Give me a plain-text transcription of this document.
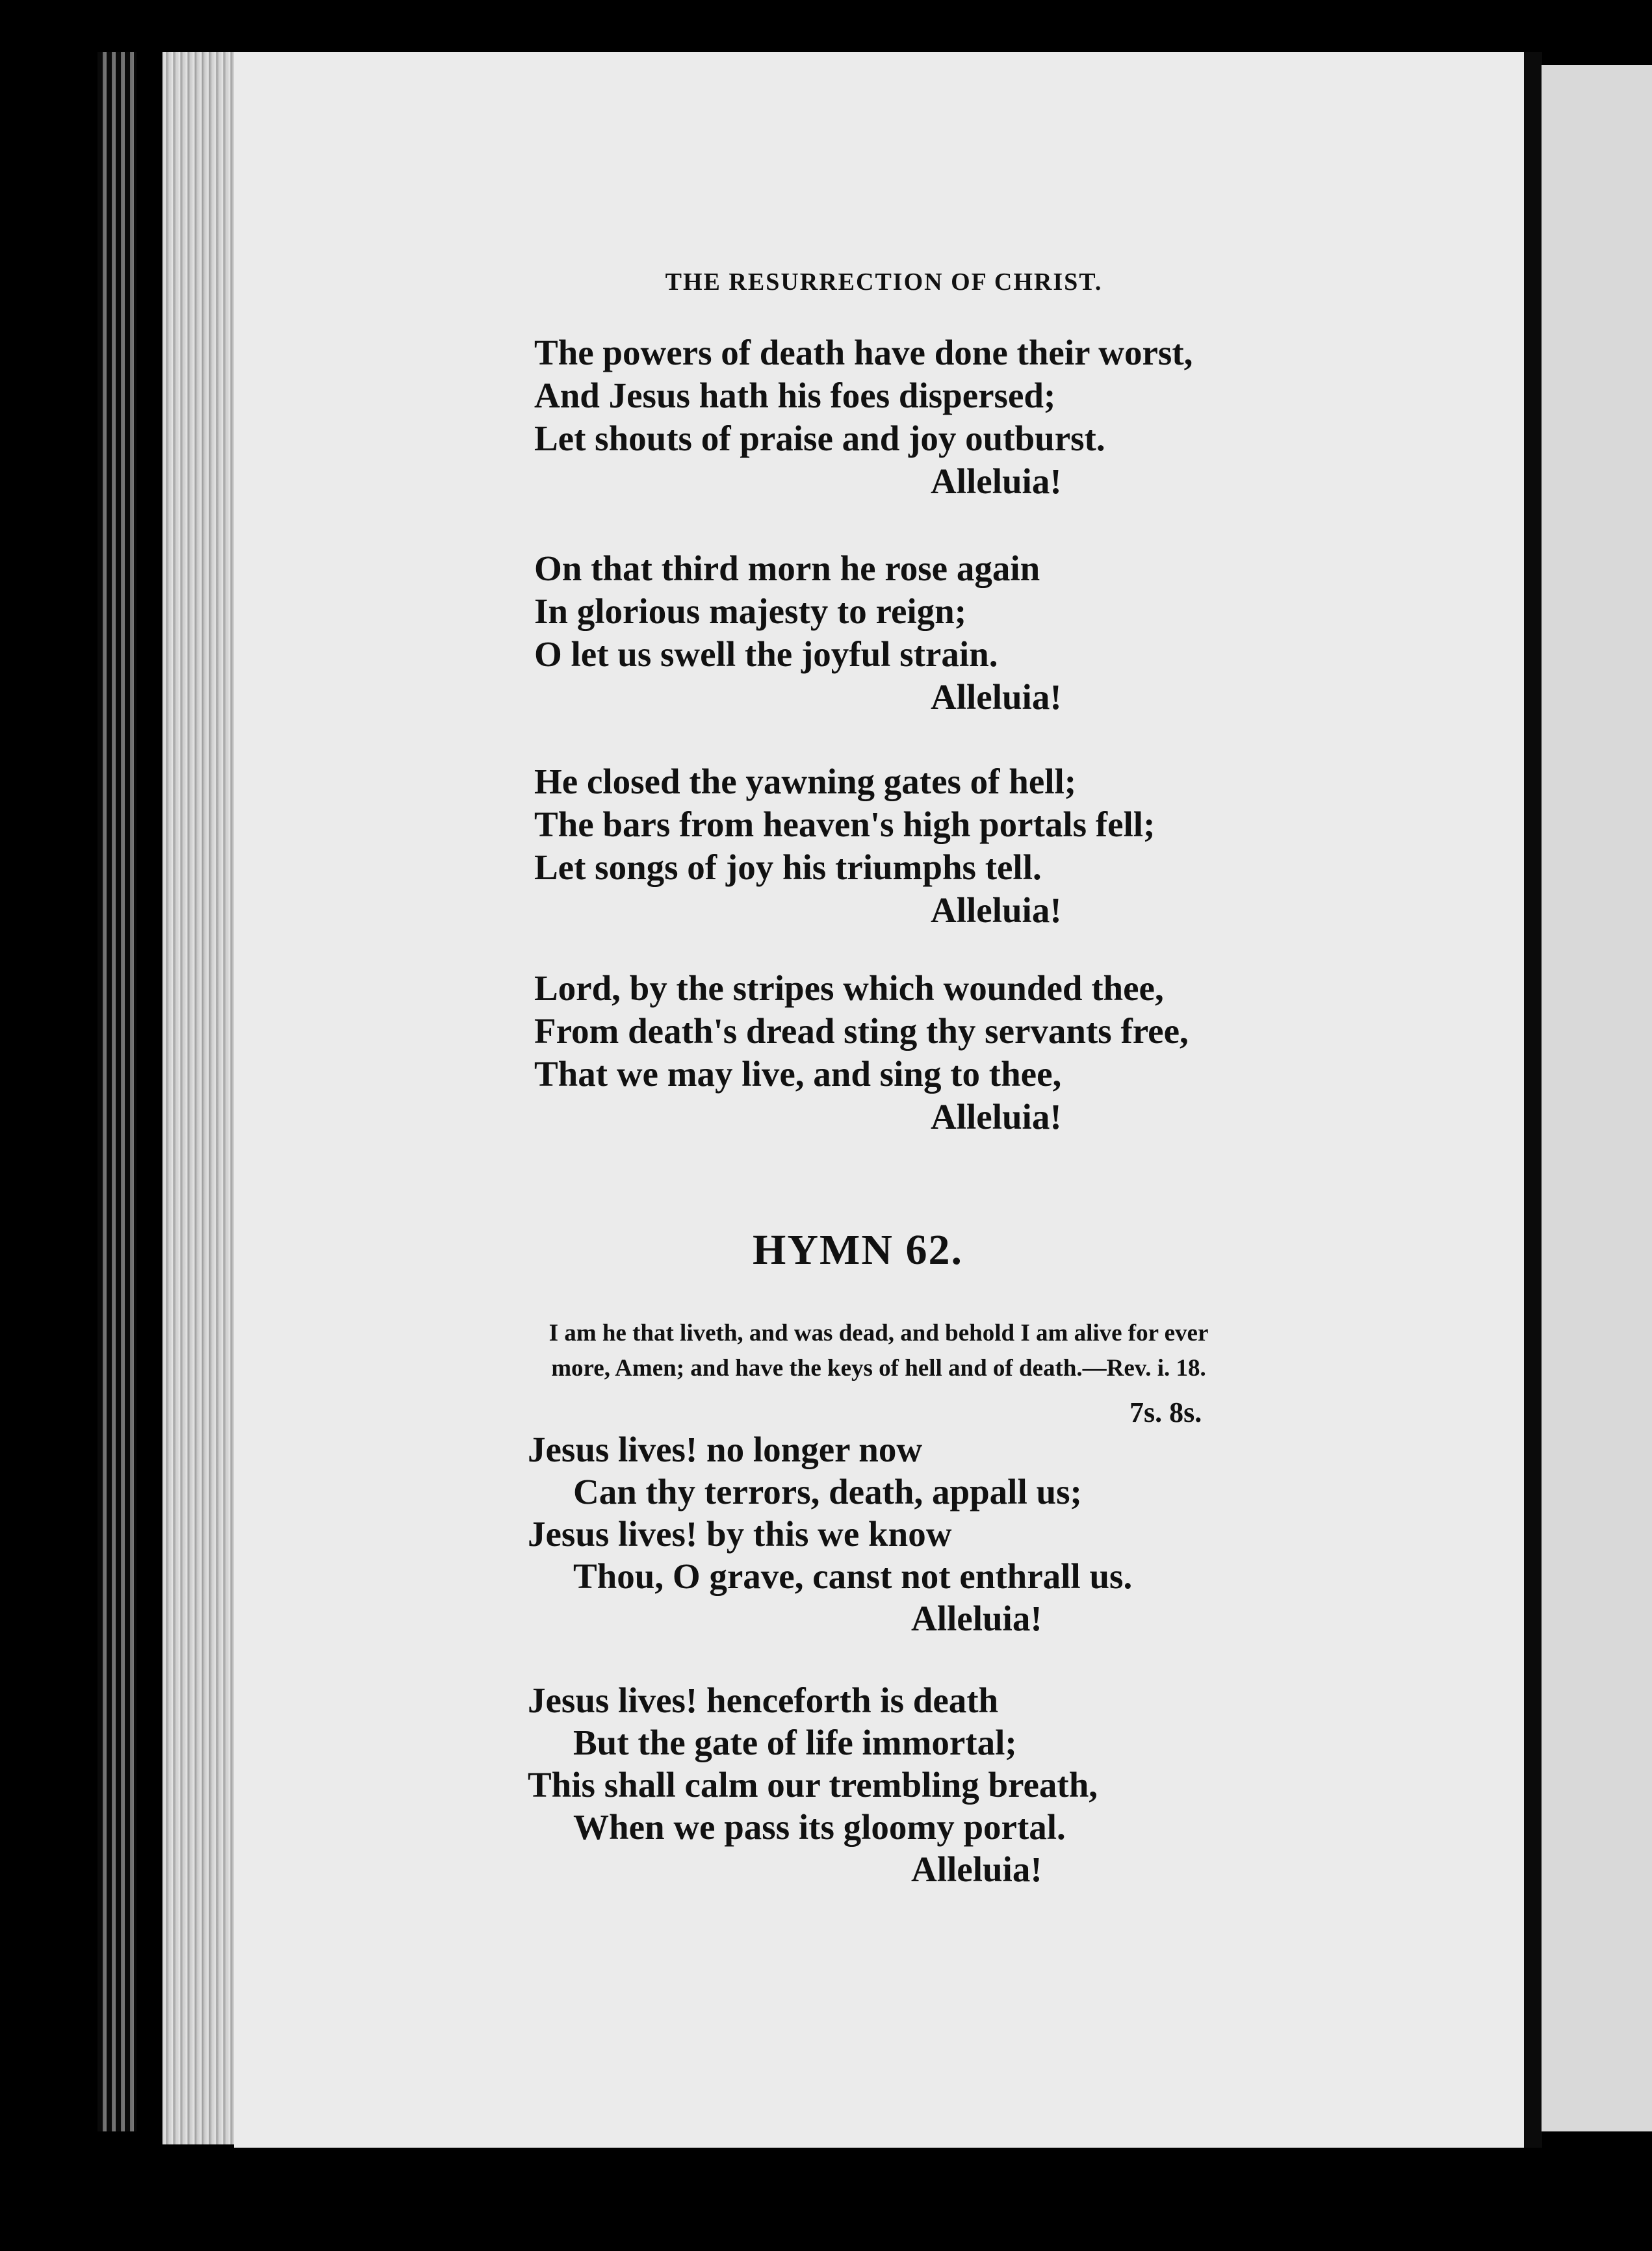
THE RESURRECTION OF CHRIST.
The powers of death have done their worst,
And Jesus hath his foes dispersed;
Let shouts of praise and joy outburst.
Alleluia!
On that third morn he rose again
In glorious majesty to reign;
O let us swell the joyful strain.
Alleluia!
He closed the yawning gates of hell;
The bars from heaven's high portals fell;
Let songs of joy his triumphs tell.
Alleluia!
Lord, by the stripes which wounded thee,
From death's dread sting thy servants free,
That we may live, and sing to thee,
Alleluia!
HYMN 62.
I am he that liveth, and was dead, and behold I am alive for ever
more, Amen; and have the keys of hell and of death.—Rev. i. 18.
7s. 8s.
Jesus lives! no longer now
Can thy terrors, death, appall us;
Jesus lives! by this we know
Thou, O grave, canst not enthrall us.
Alleluia!
Jesus lives! henceforth is death
But the gate of life immortal;
This shall calm our trembling breath,
When we pass its gloomy portal.
Alleluia!
